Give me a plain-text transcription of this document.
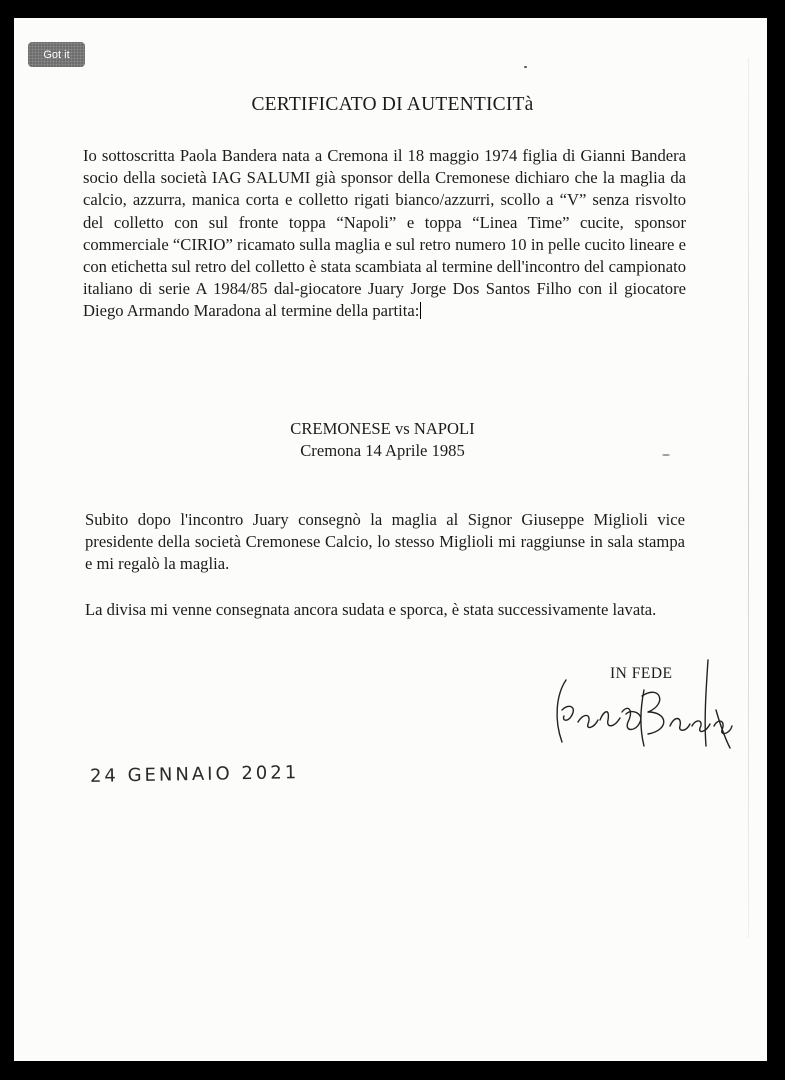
Got it
CERTIFICATO DI AUTENTICITà

Io sottoscritta Paola Bandera nata a Cremona il 18 maggio 1974 figlia di Gianni Bandera socio della società IAG SALUMI già sponsor della Cremonese dichiaro che la maglia da calcio, azzurra, manica corta e colletto rigati bianco/azzurri, scollo a “V” senza risvolto del colletto con sul fronte toppa “Napoli” e toppa “Linea Time” cucite, sponsor commerciale “CIRIO” ricamato sulla maglia e sul retro numero 10 in pelle cucito lineare e con etichetta sul retro del colletto è stata scambiata al termine dell'incontro del campionato italiano di serie A 1984/85 dal-giocatore Juary Jorge Dos Santos Filho con il giocatore Diego Armando Maradona al termine della partita:

CREMONESE vs NAPOLI
Cremona 14 Aprile 1985

Subito dopo l'incontro Juary consegnò la maglia al Signor Giuseppe Miglioli vice presidente della società Cremonese Calcio, lo stesso Miglioli mi raggiunse in sala stampa e mi regalò la maglia.

La divisa mi venne consegnata ancora sudata e sporca, è stata successivamente lavata.

IN FEDE
24 GENNAIO 2021
